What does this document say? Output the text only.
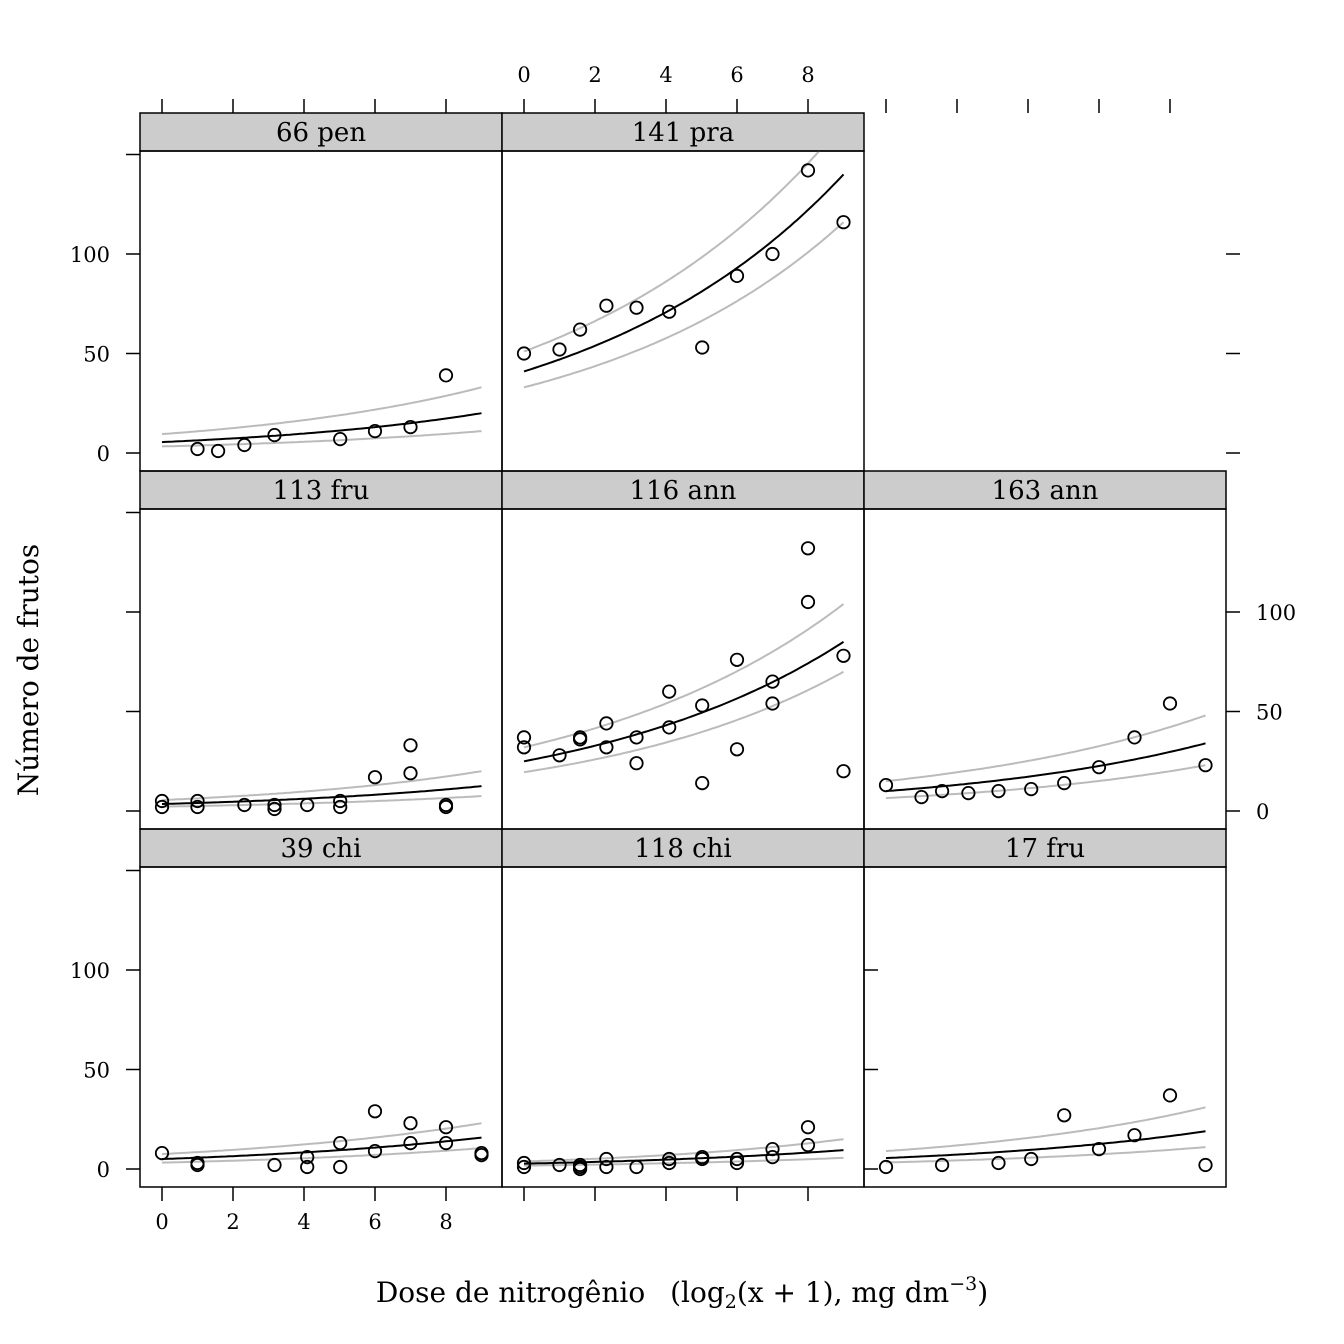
39 chi	118 chi	17 fru
113 fru	116 ann	163 ann
66 pen	141 pra
0	2	4	6	8
0	2	4	6	8
0
50
100
0
50
100
0
50
100
Número de frutos
Dose de nitrogênio ($\log_2(x + 1)$, mg $dm^{-3}$)
